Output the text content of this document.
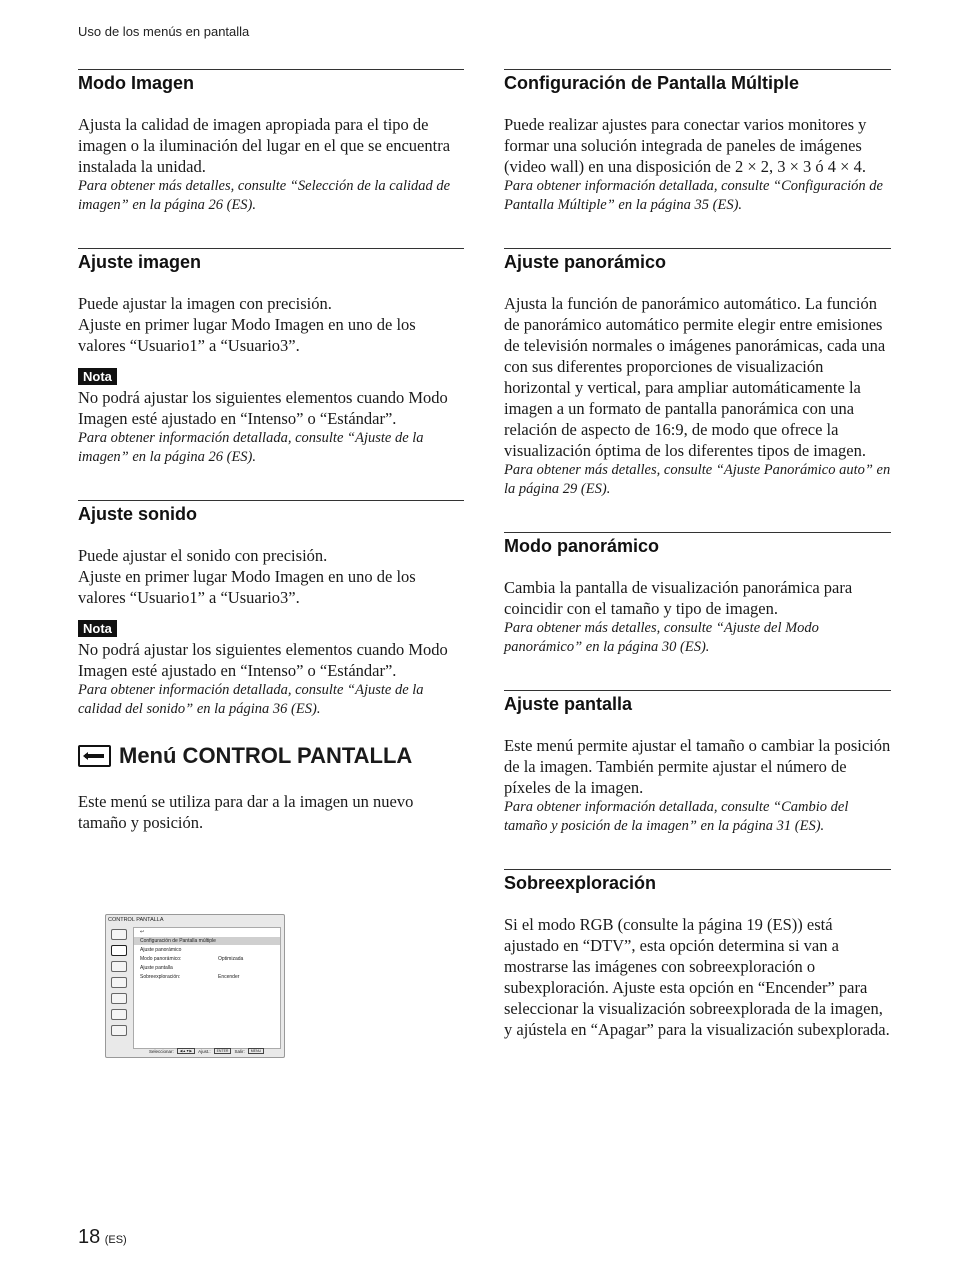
Uso de los menús en pantalla
Modo Imagen

Ajusta la calidad de imagen apropiada para el tipo de imagen o la iluminación del lugar en el que se encuentra instalada la unidad.

Para obtener más detalles, consulte “Selección de la calidad de imagen” en la página 26 (ES).

Ajuste imagen

Puede ajustar la imagen con precisión.

Ajuste en primer lugar Modo Imagen en uno de los valores “Usuario1” a “Usuario3”.

Nota

No podrá ajustar los siguientes elementos cuando Modo Imagen esté ajustado en “Intenso” o “Estándar”.

Para obtener información detallada, consulte “Ajuste de la imagen” en la página 26 (ES).

Ajuste sonido

Puede ajustar el sonido con precisión.

Ajuste en primer lugar Modo Imagen en uno de los valores “Usuario1” a “Usuario3”.

Nota

No podrá ajustar los siguientes elementos cuando Modo Imagen esté ajustado en “Intenso” o “Estándar”.

Para obtener información detallada, consulte “Ajuste de la calidad del sonido” en la página 36 (ES).

Menú CONTROL PANTALLA

Este menú se utiliza para dar a la imagen un nuevo tamaño y posición.

CONTROL PANTALLA
↩
Configuración de Pantalla múltiple
Ajuste panorámico
Modo panorámico:	Optimizada
Ajuste pantalla
Sobreexploración:	Encender
Seleccionar:	◀▲▼▶	Ajust.:	ENTER	Salir:	MENU
Configuración de Pantalla Múltiple

Puede realizar ajustes para conectar varios monitores y formar una solución integrada de paneles de imágenes (video wall) en una disposición de 2 × 2, 3 × 3 ó 4 × 4.

Para obtener información detallada, consulte “Configuración de Pantalla Múltiple” en la página 35 (ES).

Ajuste panorámico

Ajusta la función de panorámico automático. La función de panorámico automático permite elegir entre emisiones de televisión normales o imágenes panorámicas, cada una con sus diferentes proporciones de visualización horizontal y vertical, para ampliar automáticamente la imagen a un formato de pantalla panorámica con una relación de aspecto de 16:9, de modo que ofrece la visualización óptima de los diferentes tipos de imagen.

Para obtener más detalles, consulte “Ajuste Panorámico auto” en la página 29 (ES).

Modo panorámico

Cambia la pantalla de visualización panorámica para coincidir con el tamaño y tipo de imagen.

Para obtener más detalles, consulte “Ajuste del Modo panorámico” en la página 30 (ES).

Ajuste pantalla

Este menú permite ajustar el tamaño o cambiar la posición de la imagen. También permite ajustar el número de píxeles de la imagen.

Para obtener información detallada, consulte “Cambio del tamaño y posición de la imagen” en la página 31 (ES).

Sobreexploración

Si el modo RGB (consulte la página 19 (ES)) está ajustado en “DTV”, esta opción determina si van a mostrarse las imágenes con sobreexploración o subexploración. Ajuste esta opción en “Encender” para seleccionar la visualización sobreexplorada de la imagen, y ajústela en “Apagar” para la visualización subexplorada.

18 (ES)
